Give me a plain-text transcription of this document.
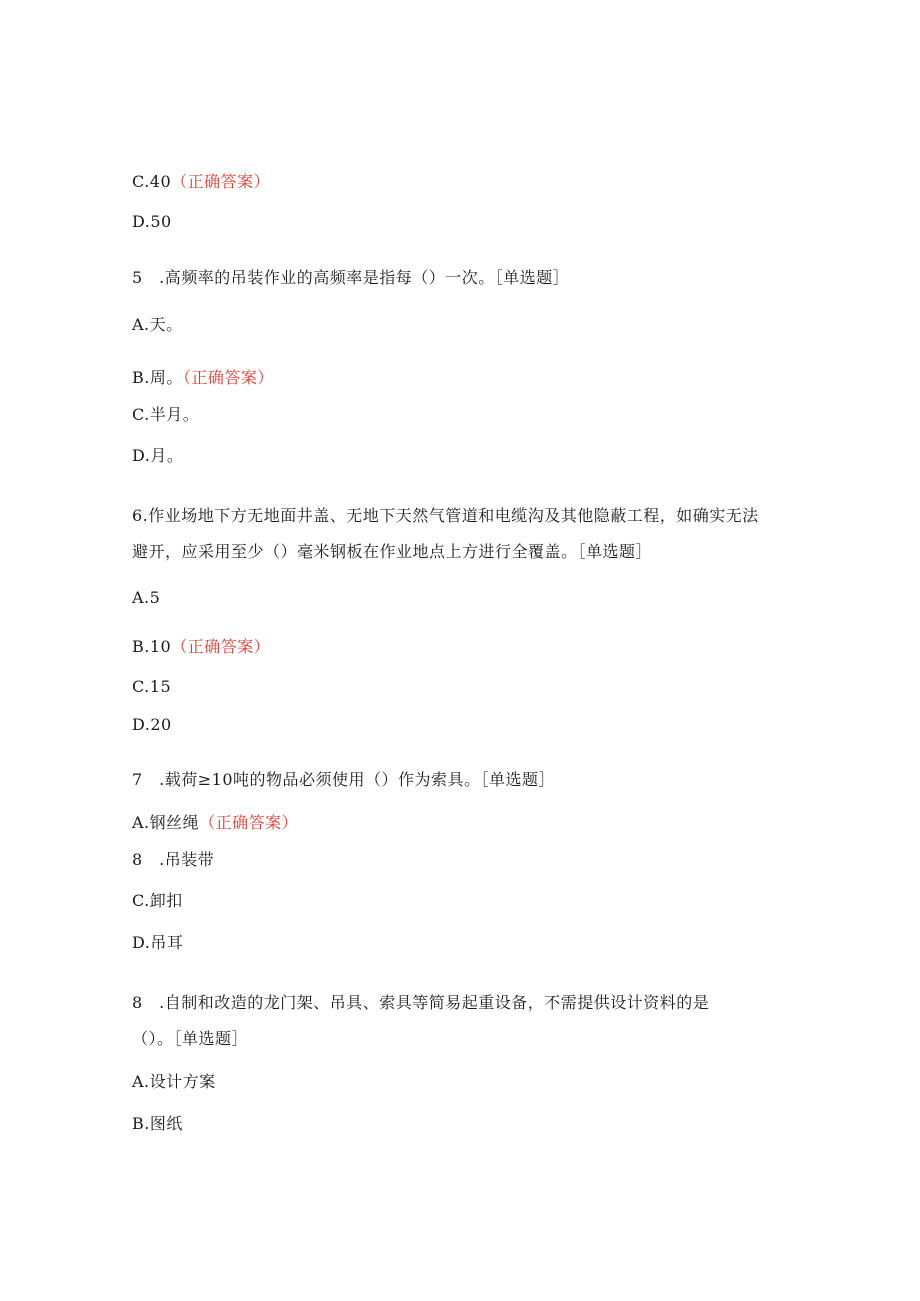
C.40（正确答案）
D.50
5　.高频率的吊装作业的高频率是指每（）一次。［单选题］
A.天。
B.周。（正确答案）
C.半月。
D.月。
6.作业场地下方无地面井盖、无地下天然气管道和电缆沟及其他隐蔽工程，如确实无法
避开，应采用至少（）毫米钢板在作业地点上方进行全覆盖。［单选题］
A.5
B.10（正确答案）
C.15
D.20
7　.载荷≥10吨的物品必须使用（）作为索具。［单选题］
A.钢丝绳（正确答案）
8　.吊装带
C.卸扣
D.吊耳
8　.自制和改造的龙门架、吊具、索具等简易起重设备，不需提供设计资料的是
（）。［单选题］
A.设计方案
B.图纸
